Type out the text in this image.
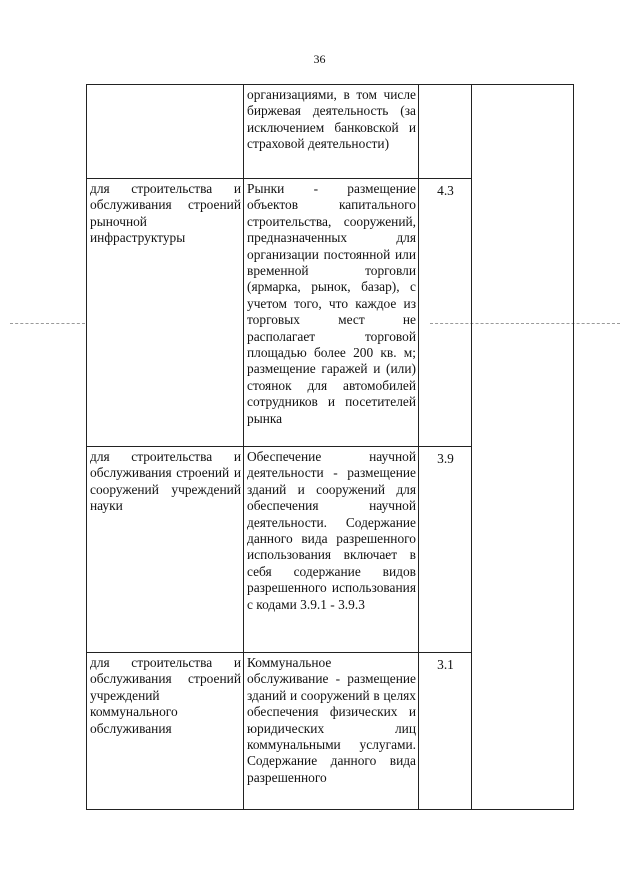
36
	организациями, в том числе биржевая деятельность (за исключением банковской и страховой деятельности)		
для строительства и обслуживания строений рыночной инфраструктуры	Рынки - размещение объектов капитального строительства, сооружений, предназначенных для организации постоянной или временной торговли (ярмарка, рынок, базар), с учетом того, что каждое из торговых мест не располагает торговой площадью более 200 кв. м; размещение гаражей и (или) стоянок для автомобилей сотрудников и посетителей рынка	4.3	
для строительства и обслуживания строений и сооружений учреждений науки	Обеспечение научной деятельности - размещение зданий и сооружений для обеспечения научной деятельности. Содержание данного вида разрешенного использования включает в себя содержание видов разрешенного использования с кодами 3.9.1 - 3.9.3	3.9	
для строительства и обслуживания строений учреждений коммунального обслуживания	Коммунальное обслуживание - размещение зданий и сооружений в целях обеспечения физических и юридических лиц коммунальными услугами. Содержание данного вида разрешенного	3.1	
